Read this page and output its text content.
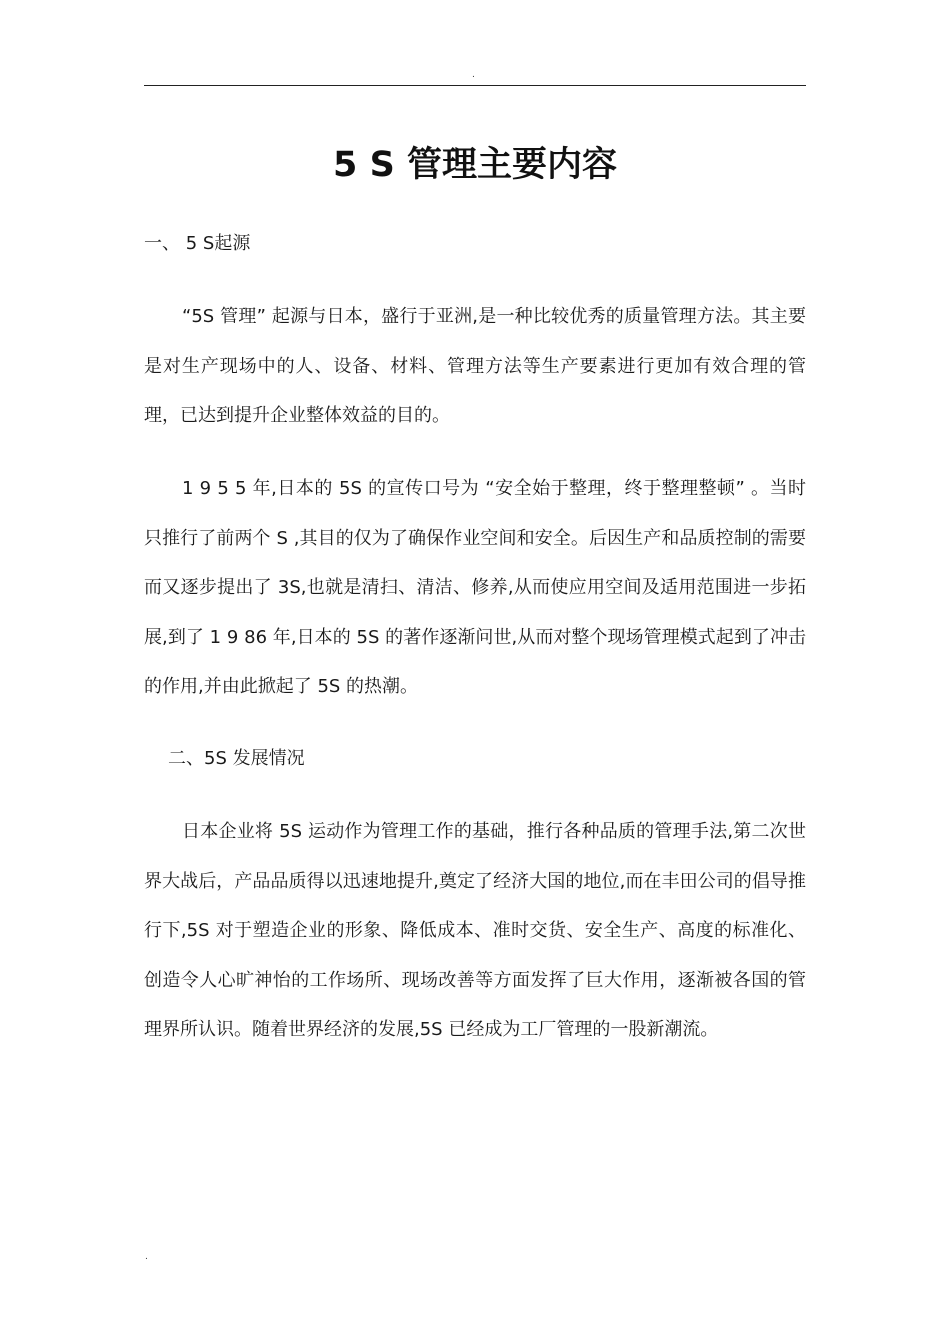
.
5 S 管理主要内容
一、 5 S起源

“5S 管理” 起源与日本，盛行于亚洲,是一种比较优秀的质量管理方法。其主要是对生产现场中的人、设备、材料、管理方法等生产要素进行更加有效合理的管理，已达到提升企业整体效益的目的。

1 9 5 5 年,日本的 5S 的宣传口号为 “安全始于整理，终于整理整顿” 。当时只推行了前两个 S ,其目的仅为了确保作业空间和安全。后因生产和品质控制的需要而又逐步提出了 3S,也就是清扫、清洁、修养,从而使应用空间及适用范围进一步拓展,到了 1 9 86 年,日本的 5S 的著作逐渐问世,从而对整个现场管理模式起到了冲击的作用,并由此掀起了 5S 的热潮。

二、5S 发展情况

日本企业将 5S 运动作为管理工作的基础，推行各种品质的管理手法,第二次世界大战后，产品品质得以迅速地提升,奠定了经济大国的地位,而在丰田公司的倡导推行下,5S 对于塑造企业的形象、降低成本、准时交货、安全生产、高度的标准化、创造令人心旷神怡的工作场所、现场改善等方面发挥了巨大作用，逐渐被各国的管理界所认识。随着世界经济的发展,5S 已经成为工厂管理的一股新潮流。

.
